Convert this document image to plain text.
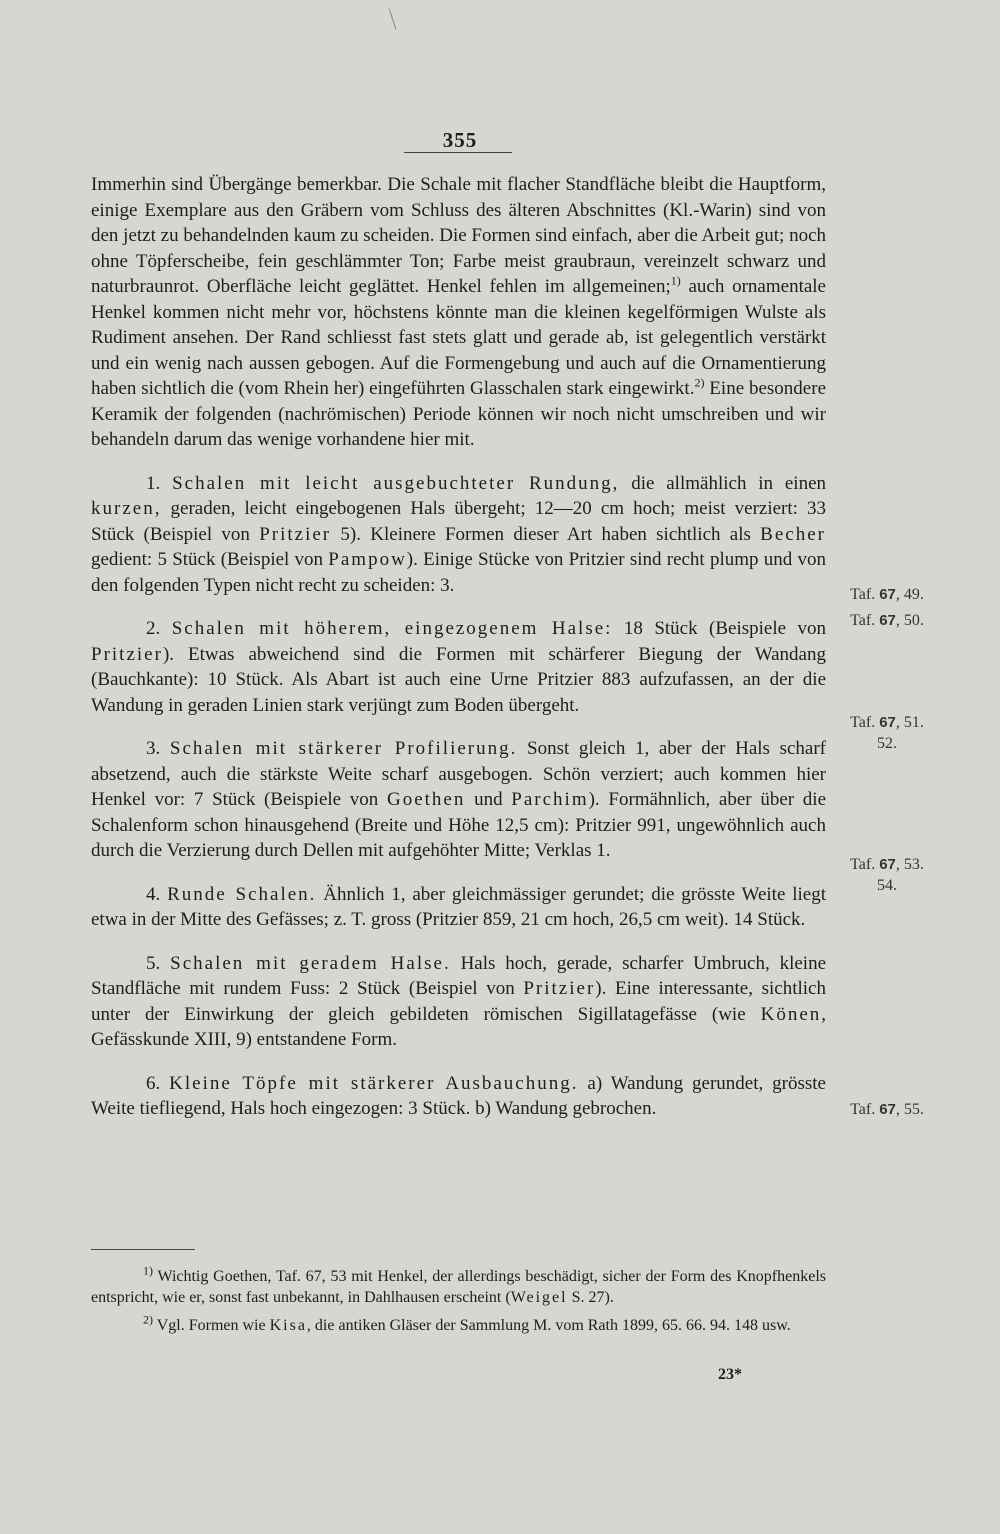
355

Immerhin sind Übergänge bemerkbar. Die Schale mit flacher Standfläche bleibt die Hauptform, einige Exemplare aus den Gräbern vom Schluss des älteren Abschnittes (Kl.-Warin) sind von den jetzt zu behandelnden kaum zu scheiden. Die Formen sind einfach, aber die Arbeit gut; noch ohne Töpferscheibe, fein geschlämmter Ton; Farbe meist graubraun, vereinzelt schwarz und naturbraunrot. Oberfläche leicht geglättet. Henkel fehlen im allgemeinen;$^{1)}$ auch ornamentale Henkel kommen nicht mehr vor, höchstens könnte man die kleinen kegelförmigen Wulste als Rudiment ansehen. Der Rand schliesst fast stets glatt und gerade ab, ist gelegentlich verstärkt und ein wenig nach aussen gebogen. Auf die Formengebung und auch auf die Ornamentierung haben sichtlich die (vom Rhein her) eingeführten Glasschalen stark eingewirkt.$^{2)}$ Eine besondere Keramik der folgenden (nachrömischen) Periode können wir noch nicht umschreiben und wir behandeln darum das wenige vorhandene hier mit.

1. Schalen mit leicht ausgebuchteter Rundung, die allmählich in einen kurzen, geraden, leicht eingebogenen Hals übergeht; 12—20 cm hoch; meist verziert: 33 Stück (Beispiel von Pritzier 5). Kleinere Formen dieser Art haben sichtlich als Becher gedient: 5 Stück (Beispiel von Pampow). Einige Stücke von Pritzier sind recht plump und von den folgenden Typen nicht recht zu scheiden: 3.

2. Schalen mit höherem, eingezogenem Halse: 18 Stück (Beispiele von Pritzier). Etwas abweichend sind die Formen mit schärferer Biegung der Wandang (Bauchkante): 10 Stück. Als Abart ist auch eine Urne Pritzier 883 aufzufassen, an der die Wandung in geraden Linien stark verjüngt zum Boden übergeht.

3. Schalen mit stärkerer Profilierung. Sonst gleich 1, aber der Hals scharf absetzend, auch die stärkste Weite scharf ausgebogen. Schön verziert; auch kommen hier Henkel vor: 7 Stück (Beispiele von Goethen und Parchim). Formähnlich, aber über die Schalenform schon hinausgehend (Breite und Höhe 12,5 cm): Pritzier 991, ungewöhnlich auch durch die Verzierung durch Dellen mit aufgehöhter Mitte; Verklas 1.

4. Runde Schalen. Ähnlich 1, aber gleichmässiger gerundet; die grösste Weite liegt etwa in der Mitte des Gefässes; z. T. gross (Pritzier 859, 21 cm hoch, 26,5 cm weit). 14 Stück.

5. Schalen mit geradem Halse. Hals hoch, gerade, scharfer Umbruch, kleine Standfläche mit rundem Fuss: 2 Stück (Beispiel von Pritzier). Eine interessante, sichtlich unter der Einwirkung der gleich gebildeten römischen Sigillatagefässe (wie Könen, Gefässkunde XIII, 9) entstandene Form.

6. Kleine Töpfe mit stärkerer Ausbauchung. a) Wandung gerundet, grösste Weite tiefliegend, Hals hoch eingezogen: 3 Stück. b) Wandung gebrochen.

Taf. 67, 49.
Taf. 67, 50.
Taf. 67, 51.
52.
Taf. 67, 53.
54.
Taf. 67, 55.

$^{1)}$ Wichtig Goethen, Taf. 67, 53 mit Henkel, der allerdings beschädigt, sicher der Form des Knopfhenkels entspricht, wie er, sonst fast unbekannt, in Dahlhausen erscheint (Weigel S. 27).

$^{2)}$ Vgl. Formen wie Kisa, die antiken Gläser der Sammlung M. vom Rath 1899, 65. 66. 94. 148 usw.

23*
